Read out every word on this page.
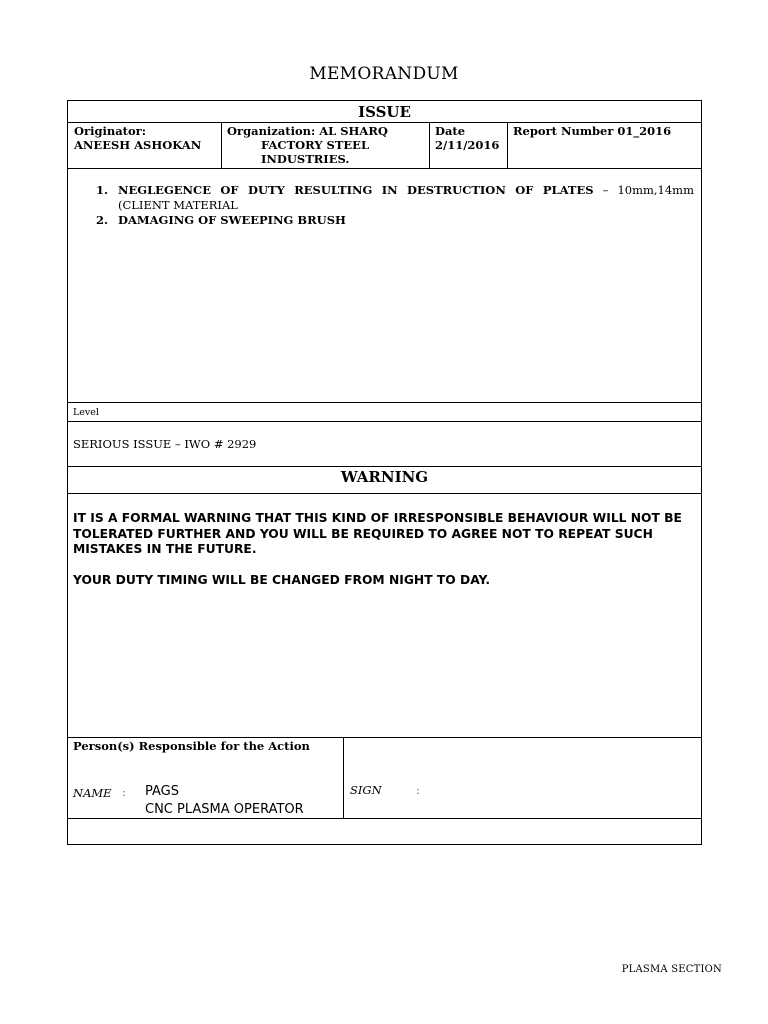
MEMORANDUM
ISSUE
Originator:
ANEESH ASHOKAN
Organization: AL SHARQ
FACTORY STEEL
INDUSTRIES.
Date
2/11/2016
Report Number 01_2016
1. NEGLEGENCE OF DUTY RESULTING IN DESTRUCTION OF PLATES – 10mm,14mm (CLIENT MATERIAL
2. DAMAGING OF SWEEPING BRUSH
Level
SERIOUS ISSUE – IWO # 2929
WARNING

IT IS A FORMAL WARNING THAT THIS KIND OF IRRESPONSIBLE BEHAVIOUR WILL NOT BE TOLERATED FURTHER AND YOU WILL BE REQUIRED TO AGREE NOT TO REPEAT SUCH MISTAKES IN THE FUTURE.

YOUR DUTY TIMING WILL BE CHANGED FROM NIGHT TO DAY.

Person(s) Responsible for the Action
NAME : PAGS
CNC PLASMA OPERATOR
SIGN	:
PLASMA SECTION
